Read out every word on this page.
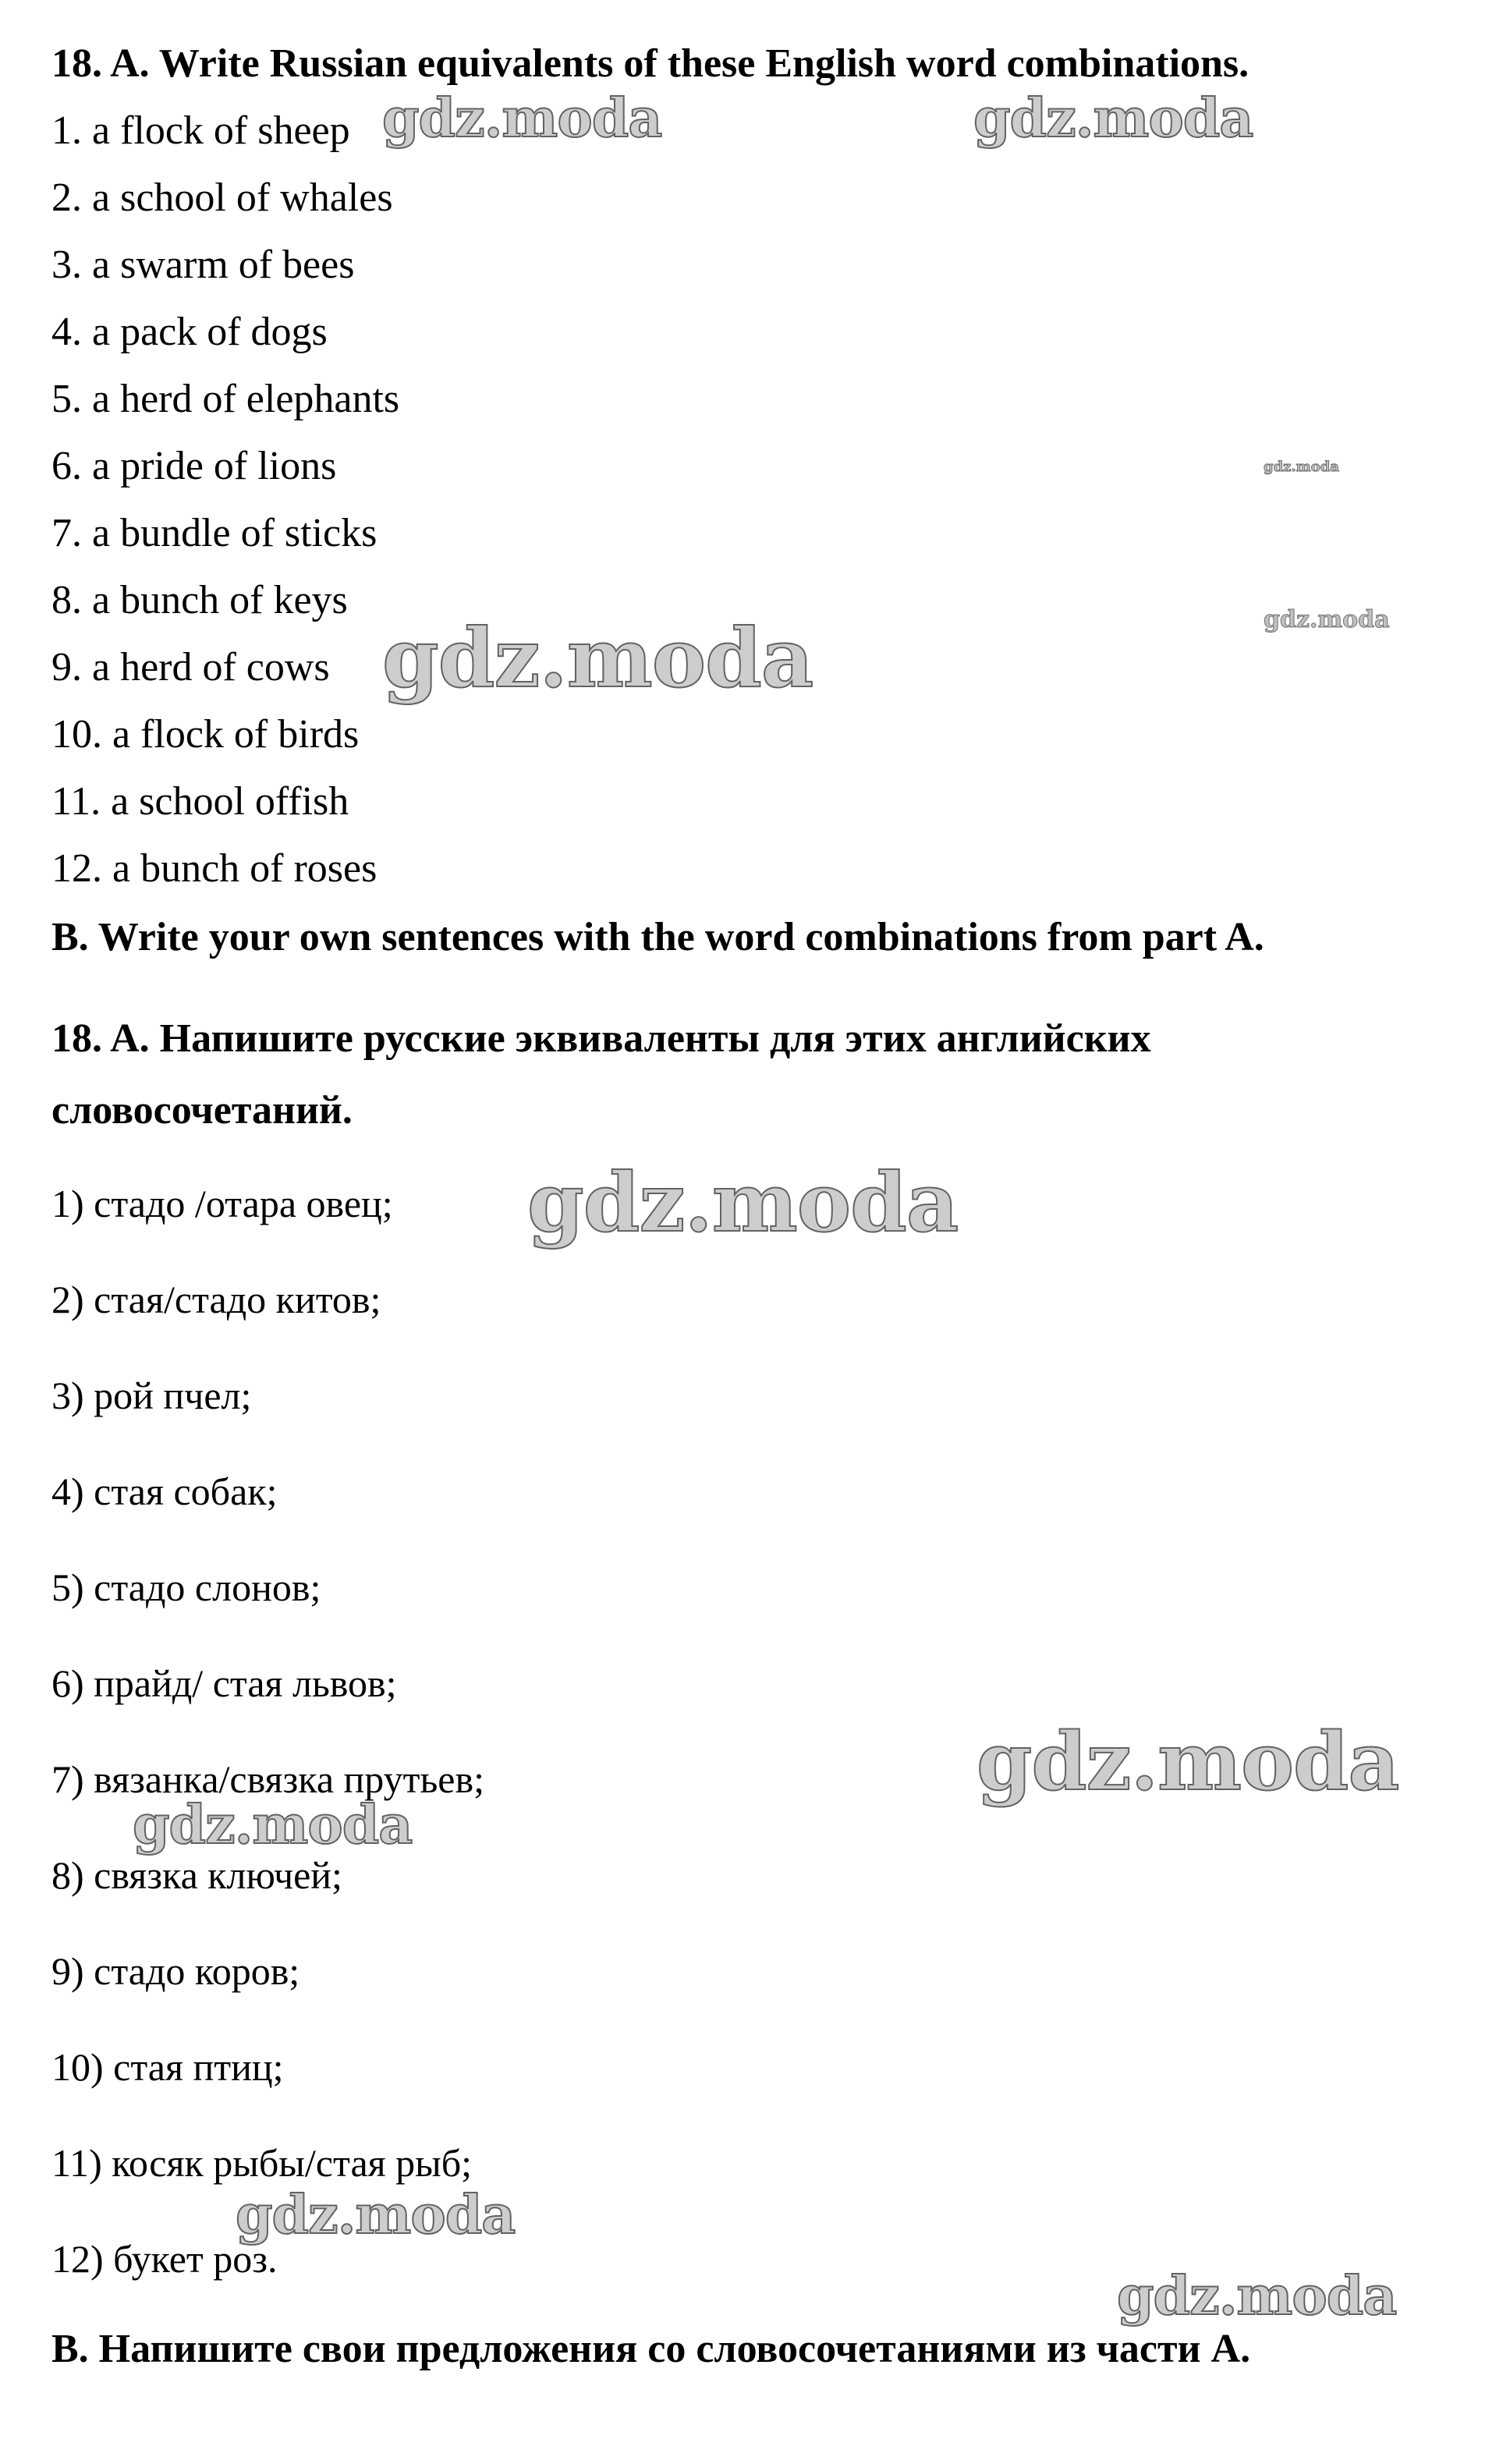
18. A. Write Russian equivalents of these English word combinations.
1. a flock of sheep
2. a school of whales
3. a swarm of bees
4. a pack of dogs
5. a herd of elephants
6. a pride of lions
7. a bundle of sticks
8. a bunch of keys
9. a herd of cows
10. a flock of birds
11. a school offish
12. a bunch of roses
B. Write your own sentences with the word combinations from part A.
18. A. Напишите русские эквиваленты для этих английских
словосочетаний.
1) стадо /отара овец;
2) стая/стадо китов;
3) рой пчел;
4) стая собак;
5) стадо слонов;
6) прайд/ стая львов;
7) вязанка/связка прутьев;
8) связка ключей;
9) стадо коров;
10) стая птиц;
11) косяк рыбы/стая рыб;
12) букет роз.
B. Напишите свои предложения со словосочетаниями из части А.
gdz.moda	gdz.moda
gdz.moda
gdz.moda
gdz.moda
gdz.moda
gdz.moda
gdz.moda
gdz.moda
gdz.moda
